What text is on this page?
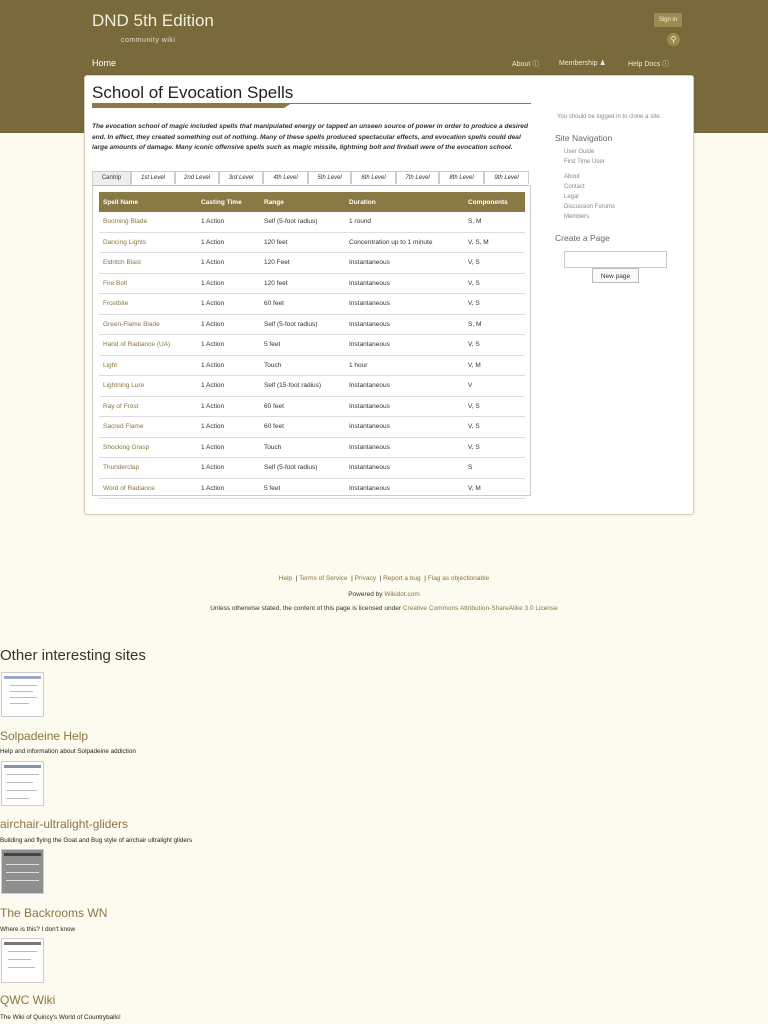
DND 5th Edition
community wiki
Sign in
⚲
Home	About ⓘ	Membership ♟	Help Docs ⓘ
School of Evocation Spells
The evocation school of magic included spells that manipulated energy or tapped an unseen source of power in order to produce a desired end. In effect, they created something out of nothing. Many of these spells produced spectacular effects, and evocation spells could deal large amounts of damage. Many iconic offensive spells such as magic missile, lightning bolt and fireball were of the evocation school.
Cantrip	1st Level	2nd Level	3rd Level	4th Level	5th Level	6th Level	7th Level	8th Level	9th Level
Spell Name	Casting Time	Range	Duration	Components
Booming Blade	1 Action	Self (5-foot radius)	1 round	S, M
Dancing Lights	1 Action	120 feet	Concentration up to 1 minute	V, S, M
Eldritch Blast	1 Action	120 Feet	Instantaneous	V, S
Fire Bolt	1 Action	120 feet	Instantaneous	V, S
Frostbite	1 Action	60 feet	Instantaneous	V, S
Green-Flame Blade	1 Action	Self (5-foot radius)	Instantaneous	S, M
Hand of Radiance (UA)	1 Action	5 feet	Instantaneous	V, S
Light	1 Action	Touch	1 hour	V, M
Lightning Lure	1 Action	Self (15-foot radius)	Instantaneous	V
Ray of Frost	1 Action	60 feet	Instantaneous	V, S
Sacred Flame	1 Action	60 feet	Instantaneous	V, S
Shocking Grasp	1 Action	Touch	Instantaneous	V, S
Thunderclap	1 Action	Self (5-foot radius)	Instantaneous	S
Word of Radiance	1 Action	5 feet	Instantaneous	V, M
You should be logged in to clone a site.
Site Navigation
User Guide
First Time User
About
Contact
Legal
Discussion Forums
Members
Create a Page
New page
Help  | Terms of Service  | Privacy  | Report a bug  | Flag as objectionable
Powered by Wikidot.com
Unless otherwise stated, the content of this page is licensed under Creative Commons Attribution-ShareAlike 3.0 License
Other interesting sites
Solpadeine Help
Help and information about Solpadeine addiction
airchair-ultralight-gliders
Building and flying the Goat and Bug style of airchair ultralight gliders
The Backrooms WN
Where is this? I don't know
QWC Wiki
The Wiki of Quincy's World of Countryballs!
